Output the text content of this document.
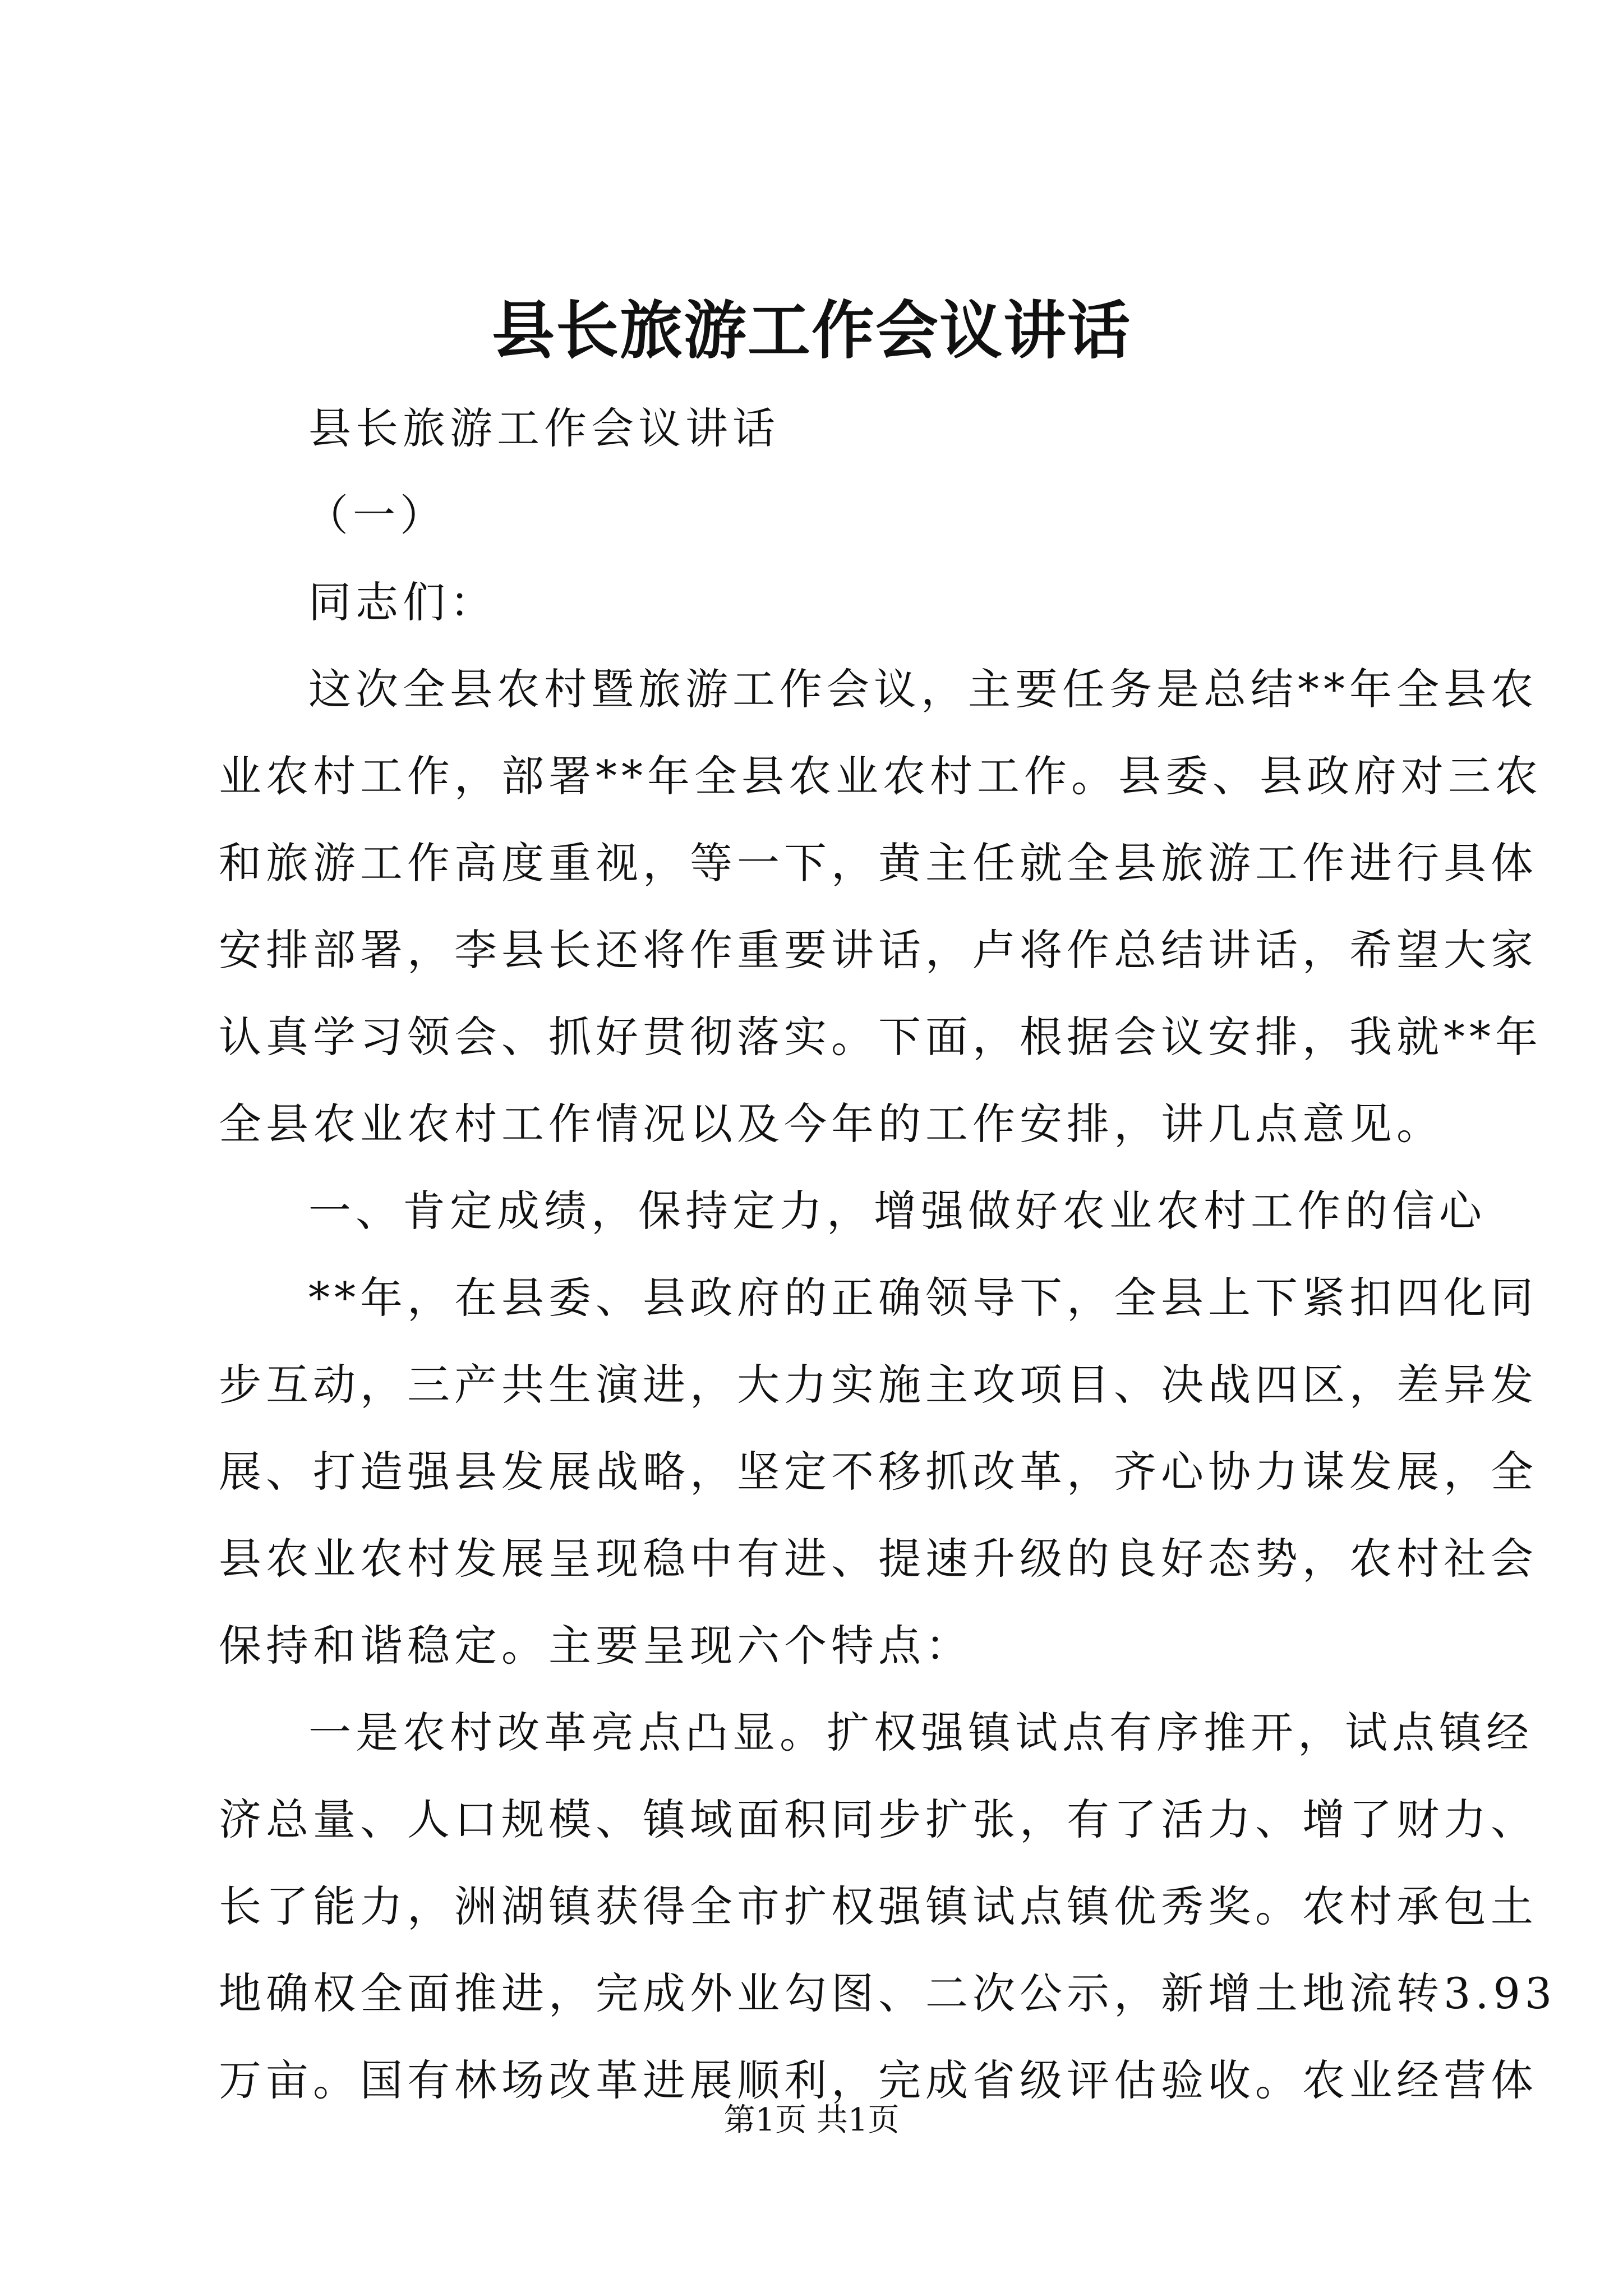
县长旅游工作会议讲话

县长旅游工作会议讲话

（一）

同志们：

这次全县农村暨旅游工作会议，主要任务是总结**年全县农

业农村工作，部署**年全县农业农村工作。县委、县政府对三农

和旅游工作高度重视，等一下，黄主任就全县旅游工作进行具体

安排部署，李县长还将作重要讲话，卢将作总结讲话，希望大家

认真学习领会、抓好贯彻落实。下面，根据会议安排，我就**年

全县农业农村工作情况以及今年的工作安排，讲几点意见。

一、肯定成绩，保持定力，增强做好农业农村工作的信心

**年，在县委、县政府的正确领导下，全县上下紧扣四化同

步互动，三产共生演进，大力实施主攻项目、决战四区，差异发

展、打造强县发展战略，坚定不移抓改革，齐心协力谋发展，全

县农业农村发展呈现稳中有进、提速升级的良好态势，农村社会

保持和谐稳定。主要呈现六个特点：

一是农村改革亮点凸显。扩权强镇试点有序推开，试点镇经

济总量、人口规模、镇域面积同步扩张，有了活力、增了财力、

长了能力，洲湖镇获得全市扩权强镇试点镇优秀奖。农村承包土

地确权全面推进，完成外业勾图、二次公示，新增土地流转3.93

万亩。国有林场改革进展顺利，完成省级评估验收。农业经营体

第1页 共1页
